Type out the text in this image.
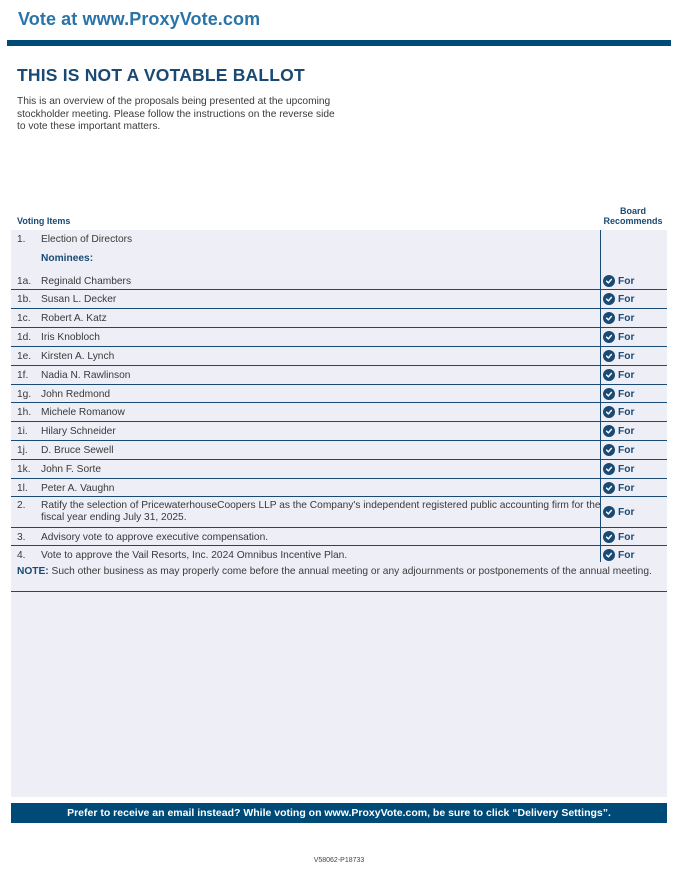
Vote at www.ProxyVote.com
THIS IS NOT A VOTABLE BALLOT
This is an overview of the proposals being presented at the upcoming stockholder meeting. Please follow the instructions on the reverse side to vote these important matters.
Voting Items
Board
Recommends
1. Election of Directors
Nominees:
1a. Reginald Chambers	For
1b. Susan L. Decker	For
1c. Robert A. Katz	For
1d. Iris Knobloch	For
1e. Kirsten A. Lynch	For
1f. Nadia N. Rawlinson	For
1g. John Redmond	For
1h. Michele Romanow	For
1i. Hilary Schneider	For
1j. D. Bruce Sewell	For
1k. John F. Sorte	For
1l. Peter A. Vaughn	For
2. Ratify the selection of PricewaterhouseCoopers LLP as the Company's independent registered public accounting firm for the fiscal year ending July 31, 2025.	For
3. Advisory vote to approve executive compensation.	For
4. Vote to approve the Vail Resorts, Inc. 2024 Omnibus Incentive Plan.	For
NOTE: Such other business as may properly come before the annual meeting or any adjournments or postponements of the annual meeting.
Prefer to receive an email instead? While voting on www.ProxyVote.com, be sure to click “Delivery Settings”.
V58062-P18733
